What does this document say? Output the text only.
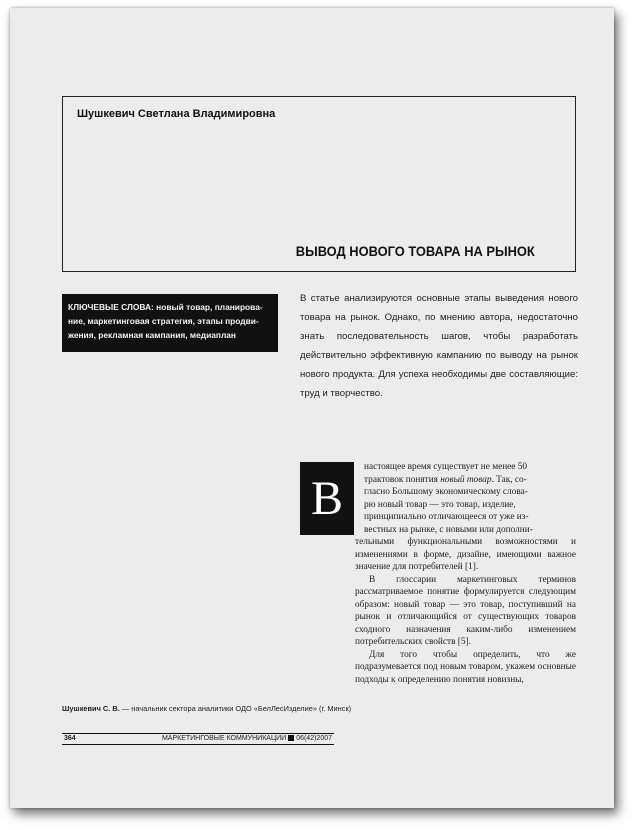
Шушкевич Светлана Владимировна
ВЫВОД НОВОГО ТОВАРА НА РЫНОК
КЛЮЧЕВЫЕ СЛОВА: новый товар, планирова-
ние, маркетинговая стратегия, этапы продви-
жения, рекламная кампания, медиаплан
В статье анализируются основные этапы выведения нового товара на рынок. Однако, по мнению автора, недостаточно знать последовательность шагов, чтобы разработать действительно эффективную кампанию по выводу на рынок нового продукта. Для успеха необходимы две составляющие: труд и творчество.
В

настоящее время существует не менее 50

трактовок понятия новый товар. Так, со-

гласно Большому экономическому слова-

рю новый товар — это товар, изделие,

принципиально отличающееся от уже из-

вестных на рынке, с новыми или дополни-

тельными функциональными возможностями и изменениями в форме, дизайне, имеющими важное значение для потребителей [1].

В глоссарии маркетинговых терминов рассматриваемое понятие формулируется следующим образом: новый товар — это товар, поступивший на рынок и отличающийся от существующих товаров сходного назначения каким-либо изменением потребительских свойств [5].

Для того чтобы определить, что же подразумевается под новым товаром, укажем основные подходы к определению понятия новизны,

Шушкевич С. В. — начальник сектора аналитики ОДО «БелЛесИзделие» (г. Минск)
364	МАРКЕТИНГОВЫЕ КОММУНИКАЦИИ 06(42)2007
